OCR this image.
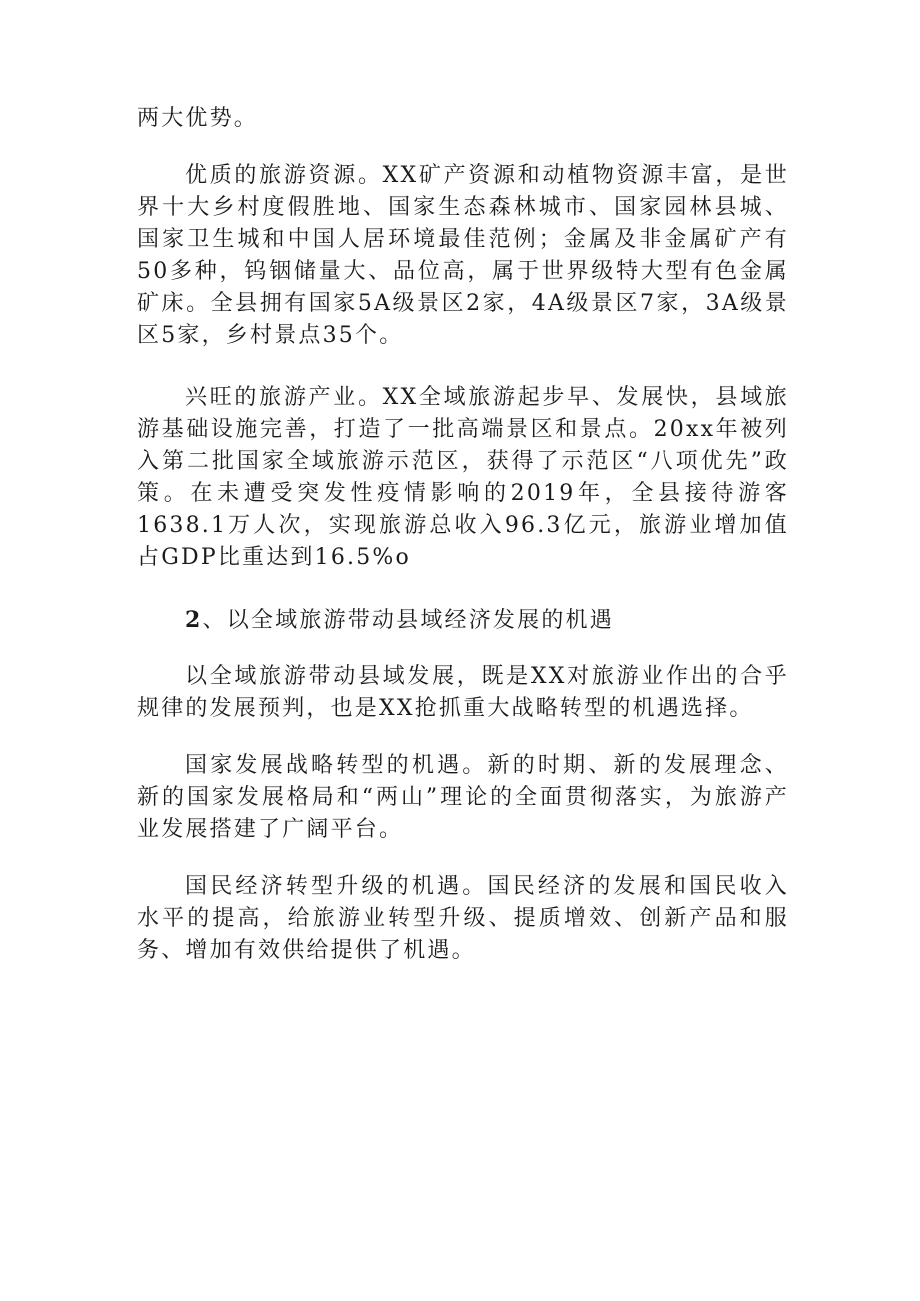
两大优势。

优质的旅游资源。XX矿产资源和动植物资源丰富，是世界十大乡村度假胜地、国家生态森林城市、国家园林县城、国家卫生城和中国人居环境最佳范例；金属及非金属矿产有50多种，钨铟储量大、品位高，属于世界级特大型有色金属矿床。全县拥有国家5A级景区2家，4A级景区7家，3A级景区5家，乡村景点35个。

兴旺的旅游产业。XX全域旅游起步早、发展快，县域旅游基础设施完善，打造了一批高端景区和景点。20xx年被列入第二批国家全域旅游示范区，获得了示范区“八项优先”政策。在未遭受突发性疫情影响的2019年，全县接待游客1638.1万人次，实现旅游总收入96.3亿元，旅游业增加值占GDP比重达到16.5%o

2、以全域旅游带动县域经济发展的机遇

以全域旅游带动县域发展，既是XX对旅游业作出的合乎规律的发展预判，也是XX抢抓重大战略转型的机遇选择。

国家发展战略转型的机遇。新的时期、新的发展理念、新的国家发展格局和“两山”理论的全面贯彻落实，为旅游产业发展搭建了广阔平台。

国民经济转型升级的机遇。国民经济的发展和国民收入水平的提高，给旅游业转型升级、提质增效、创新产品和服务、增加有效供给提供了机遇。
